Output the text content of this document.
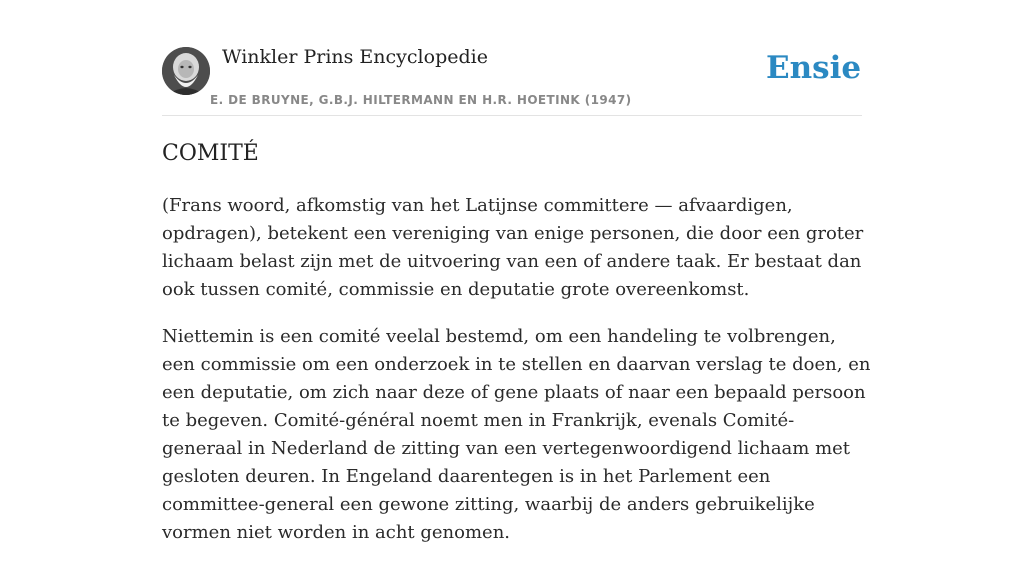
Winkler Prins Encyclopedie
E. DE BRUYNE, G.B.J. HILTERMANN EN H.R. HOETINK (1947)
Ensie
COMITÉ

(Frans woord, afkomstig van het Latijnse committere — afvaardigen, opdragen), betekent een vereniging van enige personen, die door een groter lichaam belast zijn met de uitvoering van een of andere taak. Er bestaat dan ook tussen comité, commissie en deputatie grote overeenkomst.

Niettemin is een comité veelal bestemd, om een handeling te volbrengen, een commissie om een onderzoek in te stellen en daarvan verslag te doen, en een deputatie, om zich naar deze of gene plaats of naar een bepaald persoon te begeven. Comité-général noemt men in Frankrijk, evenals Comité-generaal in Nederland de zitting van een vertegenwoordigend lichaam met gesloten deuren. In Engeland daarentegen is in het Parlement een committee-general een gewone zitting, waarbij de anders gebruikelijke vormen niet worden in acht genomen.
